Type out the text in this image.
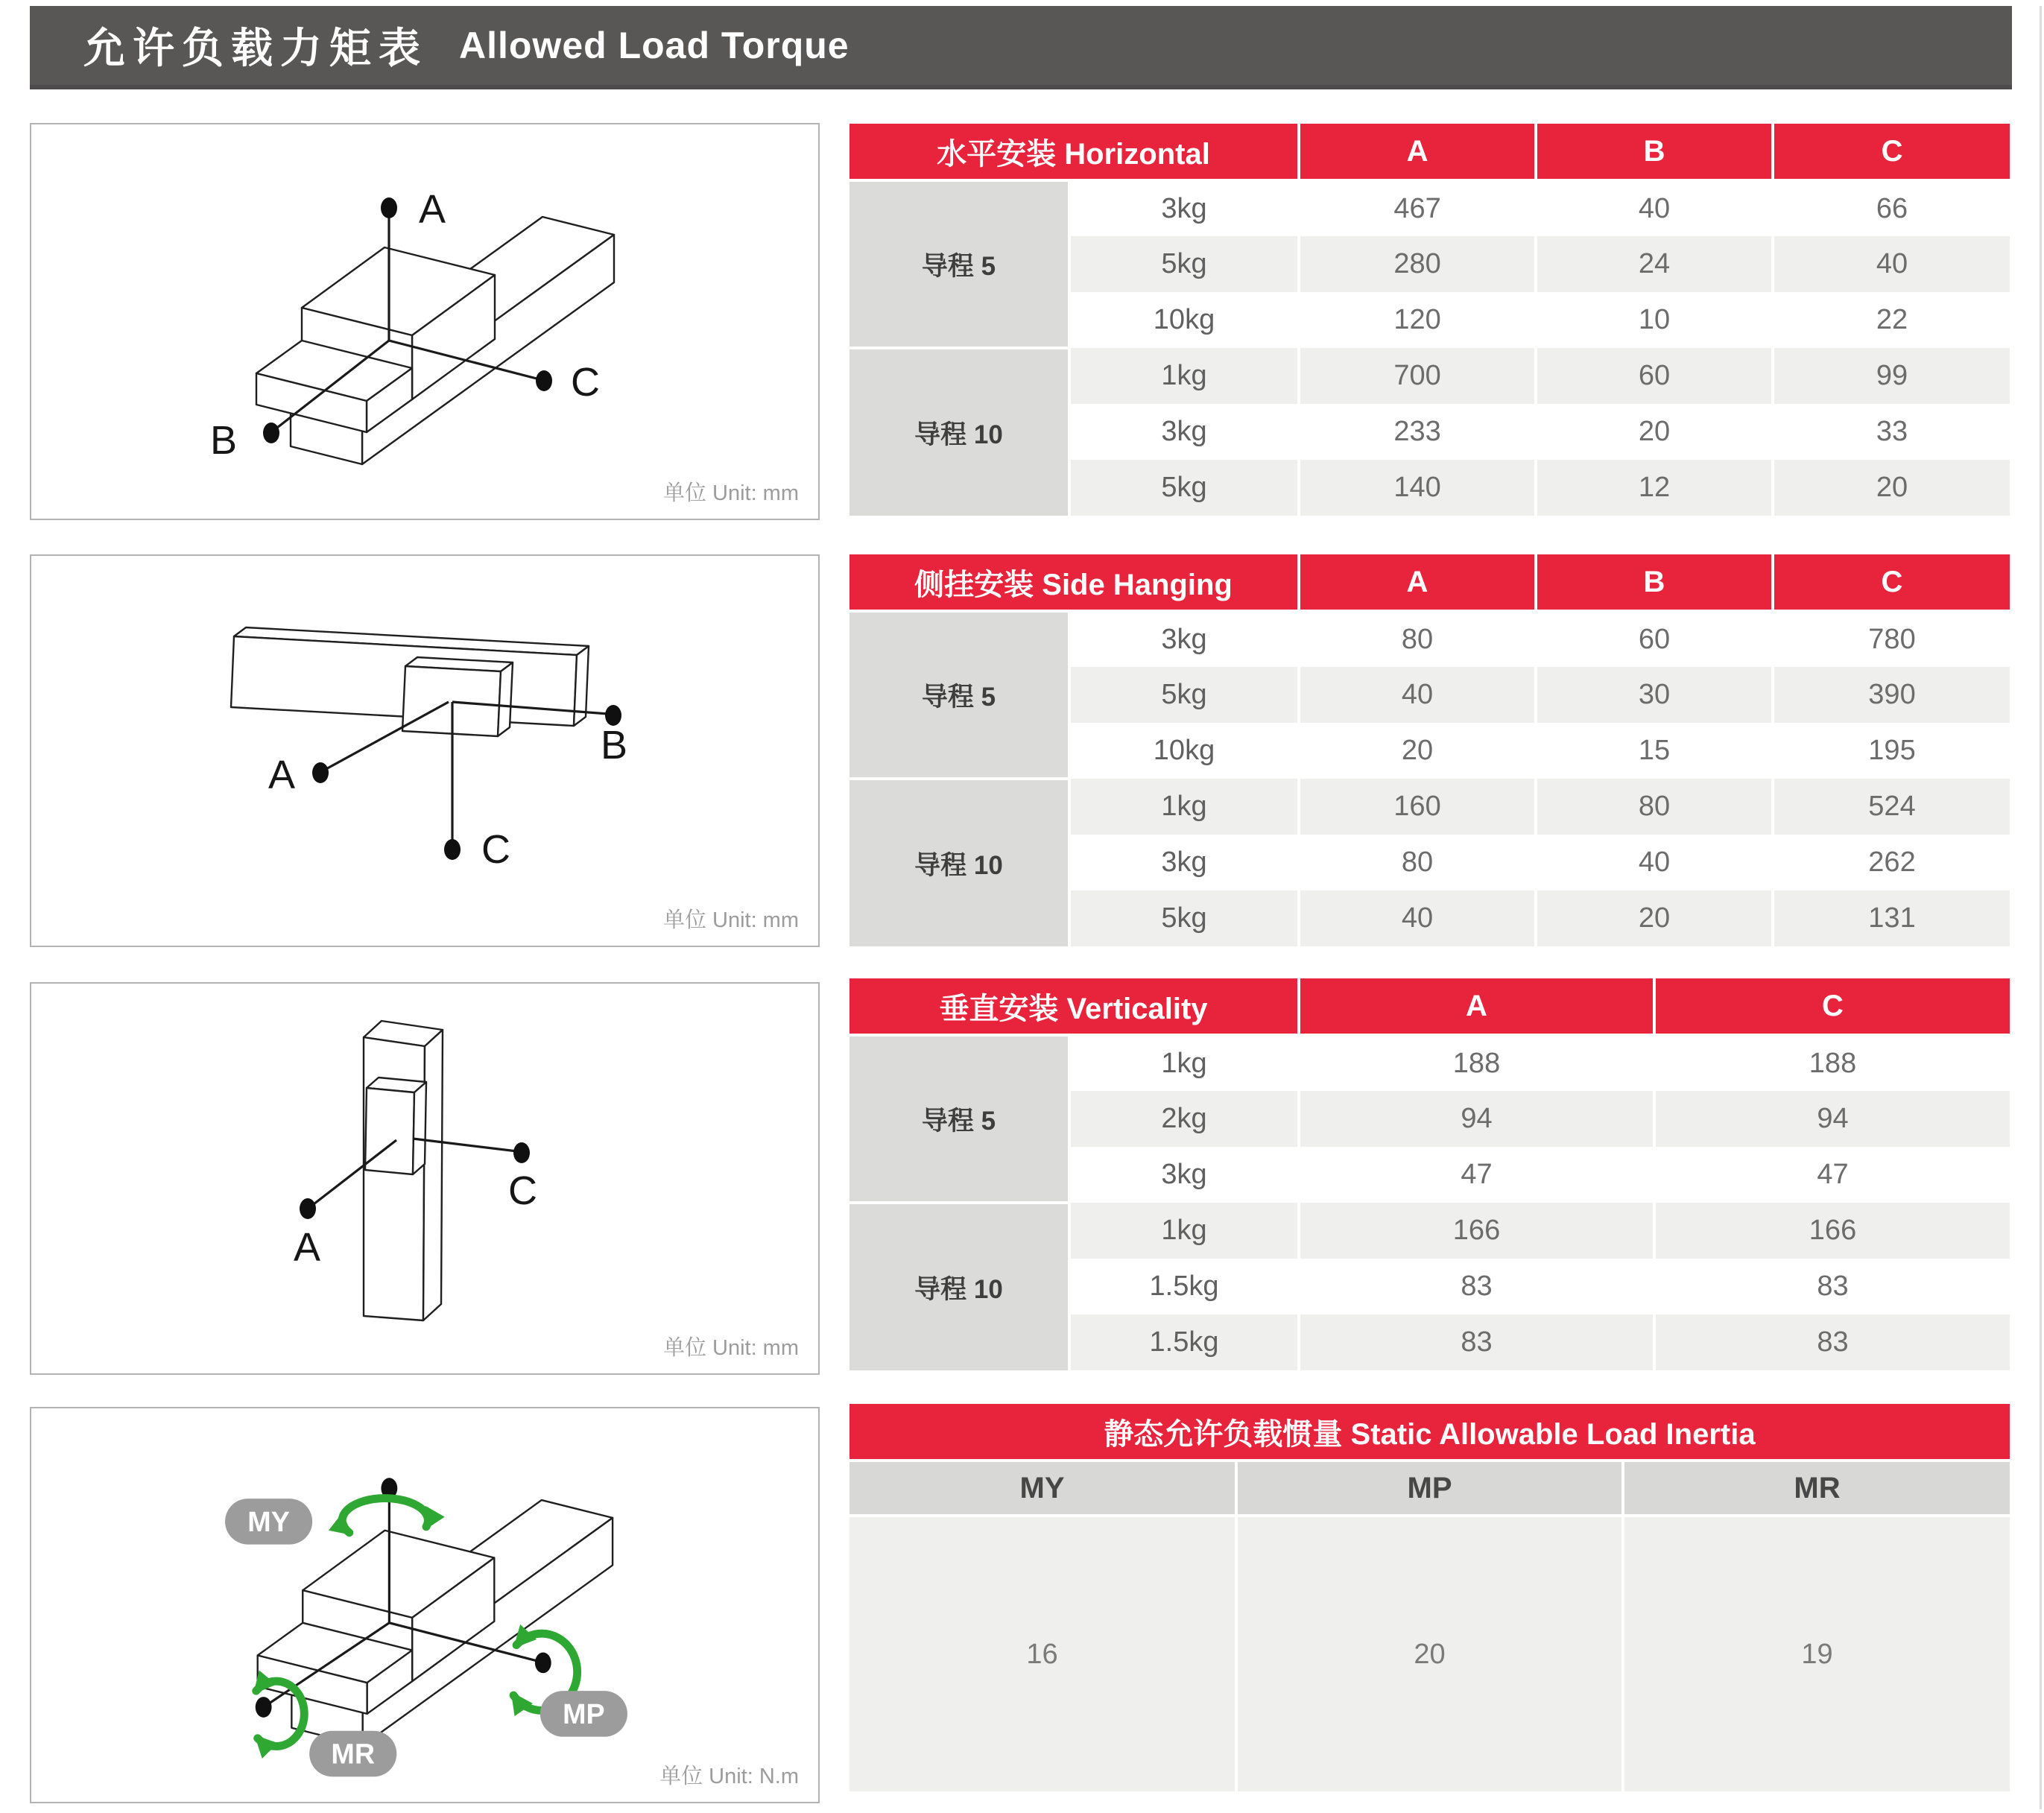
允许负载力矩表 Allowed Load Torque
A
B
C
单位 Unit: mm
A
B
C
单位 Unit: mm
A
C
单位 Unit: mm
MY
MP
MR
单位 Unit: N.m
水平安装 Horizontal		A	B	C
导程 5	3kg	467	40	66
	5kg	280	24	40
	10kg	120	10	22
导程 10	1kg	700	60	99
	3kg	233	20	33
	5kg	140	12	20
侧挂安装 Side Hanging		A	B	C
导程 5	3kg	80	60	780
	5kg	40	30	390
	10kg	20	15	195
导程 10	1kg	160	80	524
	3kg	80	40	262
	5kg	40	20	131
垂直安装 Verticality		A	C
导程 5	1kg	188	188
	2kg	94	94
	3kg	47	47
导程 10	1kg	166	166
	1.5kg	83	83
	1.5kg	83	83
静态允许负载惯量 Static Allowable Load Inertia		
MY	MP	MR
16	20	19
